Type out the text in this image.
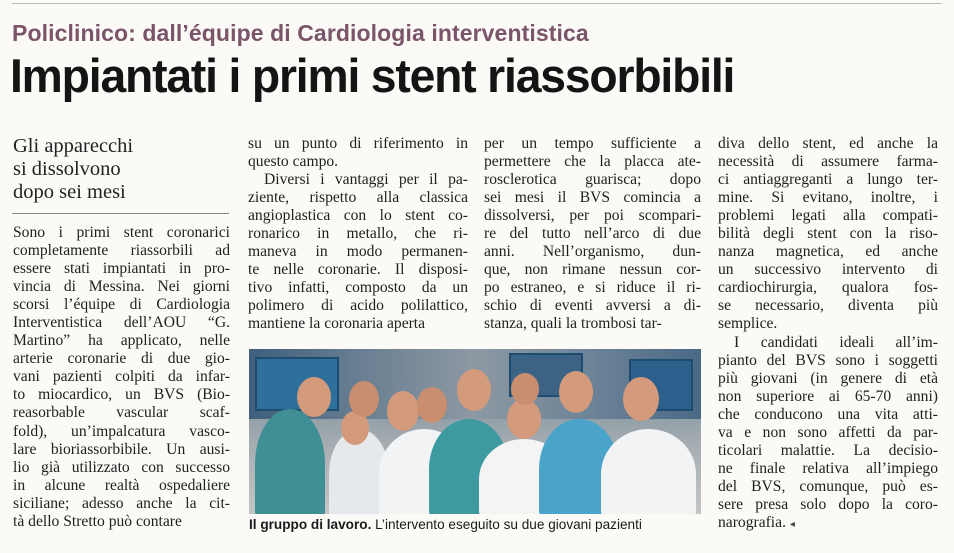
Policlinico: dall’équipe di Cardiologia interventistica
Impiantati i primi stent riassorbibili
Gli apparecchi
si dissolvono
dopo sei mesi
Sono i primi stent coronarici
completamente riassorbili ad
essere stati impiantati in pro-
vincia di Messina. Nei giorni
scorsi l’équipe di Cardiologia
Interventistica dell’AOU “G.
Martino” ha applicato, nelle
arterie coronarie di due gio-
vani pazienti colpiti da infar-
to miocardico, un BVS (Bio-
reasorbable vascular scaf-
fold), un’impalcatura vasco-
lare bioriassorbibile. Un ausi-
lio già utilizzato con successo
in alcune realtà ospedaliere
siciliane; adesso anche la cit-
tà dello Stretto può contare
su un punto di riferimento in
questo campo.
Diversi i vantaggi per il pa-
ziente, rispetto alla classica
angioplastica con lo stent co-
ronarico in metallo, che ri-
maneva in modo permanen-
te nelle coronarie. Il disposi-
tivo infatti, composto da un
polimero di acido polilattico,
mantiene la coronaria aperta
per un tempo sufficiente a
permettere che la placca ate-
rosclerotica guarisca; dopo
sei mesi il BVS comincia a
dissolversi, per poi scompari-
re del tutto nell’arco di due
anni. Nell’organismo, dun-
que, non rimane nessun cor-
po estraneo, e si riduce il ri-
schio di eventi avversi a di-
stanza, quali la trombosi tar-
diva dello stent, ed anche la
necessità di assumere farma-
ci antiaggreganti a lungo ter-
mine. Si evitano, inoltre, i
problemi legati alla compati-
bilità degli stent con la riso-
nanza magnetica, ed anche
un successivo intervento di
cardiochirurgia, qualora fos-
se necessario, diventa più
semplice.
I candidati ideali all’im-
pianto del BVS sono i soggetti
più giovani (in genere di età
non superiore ai 65-70 anni)
che conducono una vita atti-
va e non sono affetti da par-
ticolari malattie. La decisio-
ne finale relativa all’impiego
del BVS, comunque, può es-
sere presa solo dopo la coro-
narografia. ◂
Il gruppo di lavoro. L’intervento eseguito su due giovani pazienti
